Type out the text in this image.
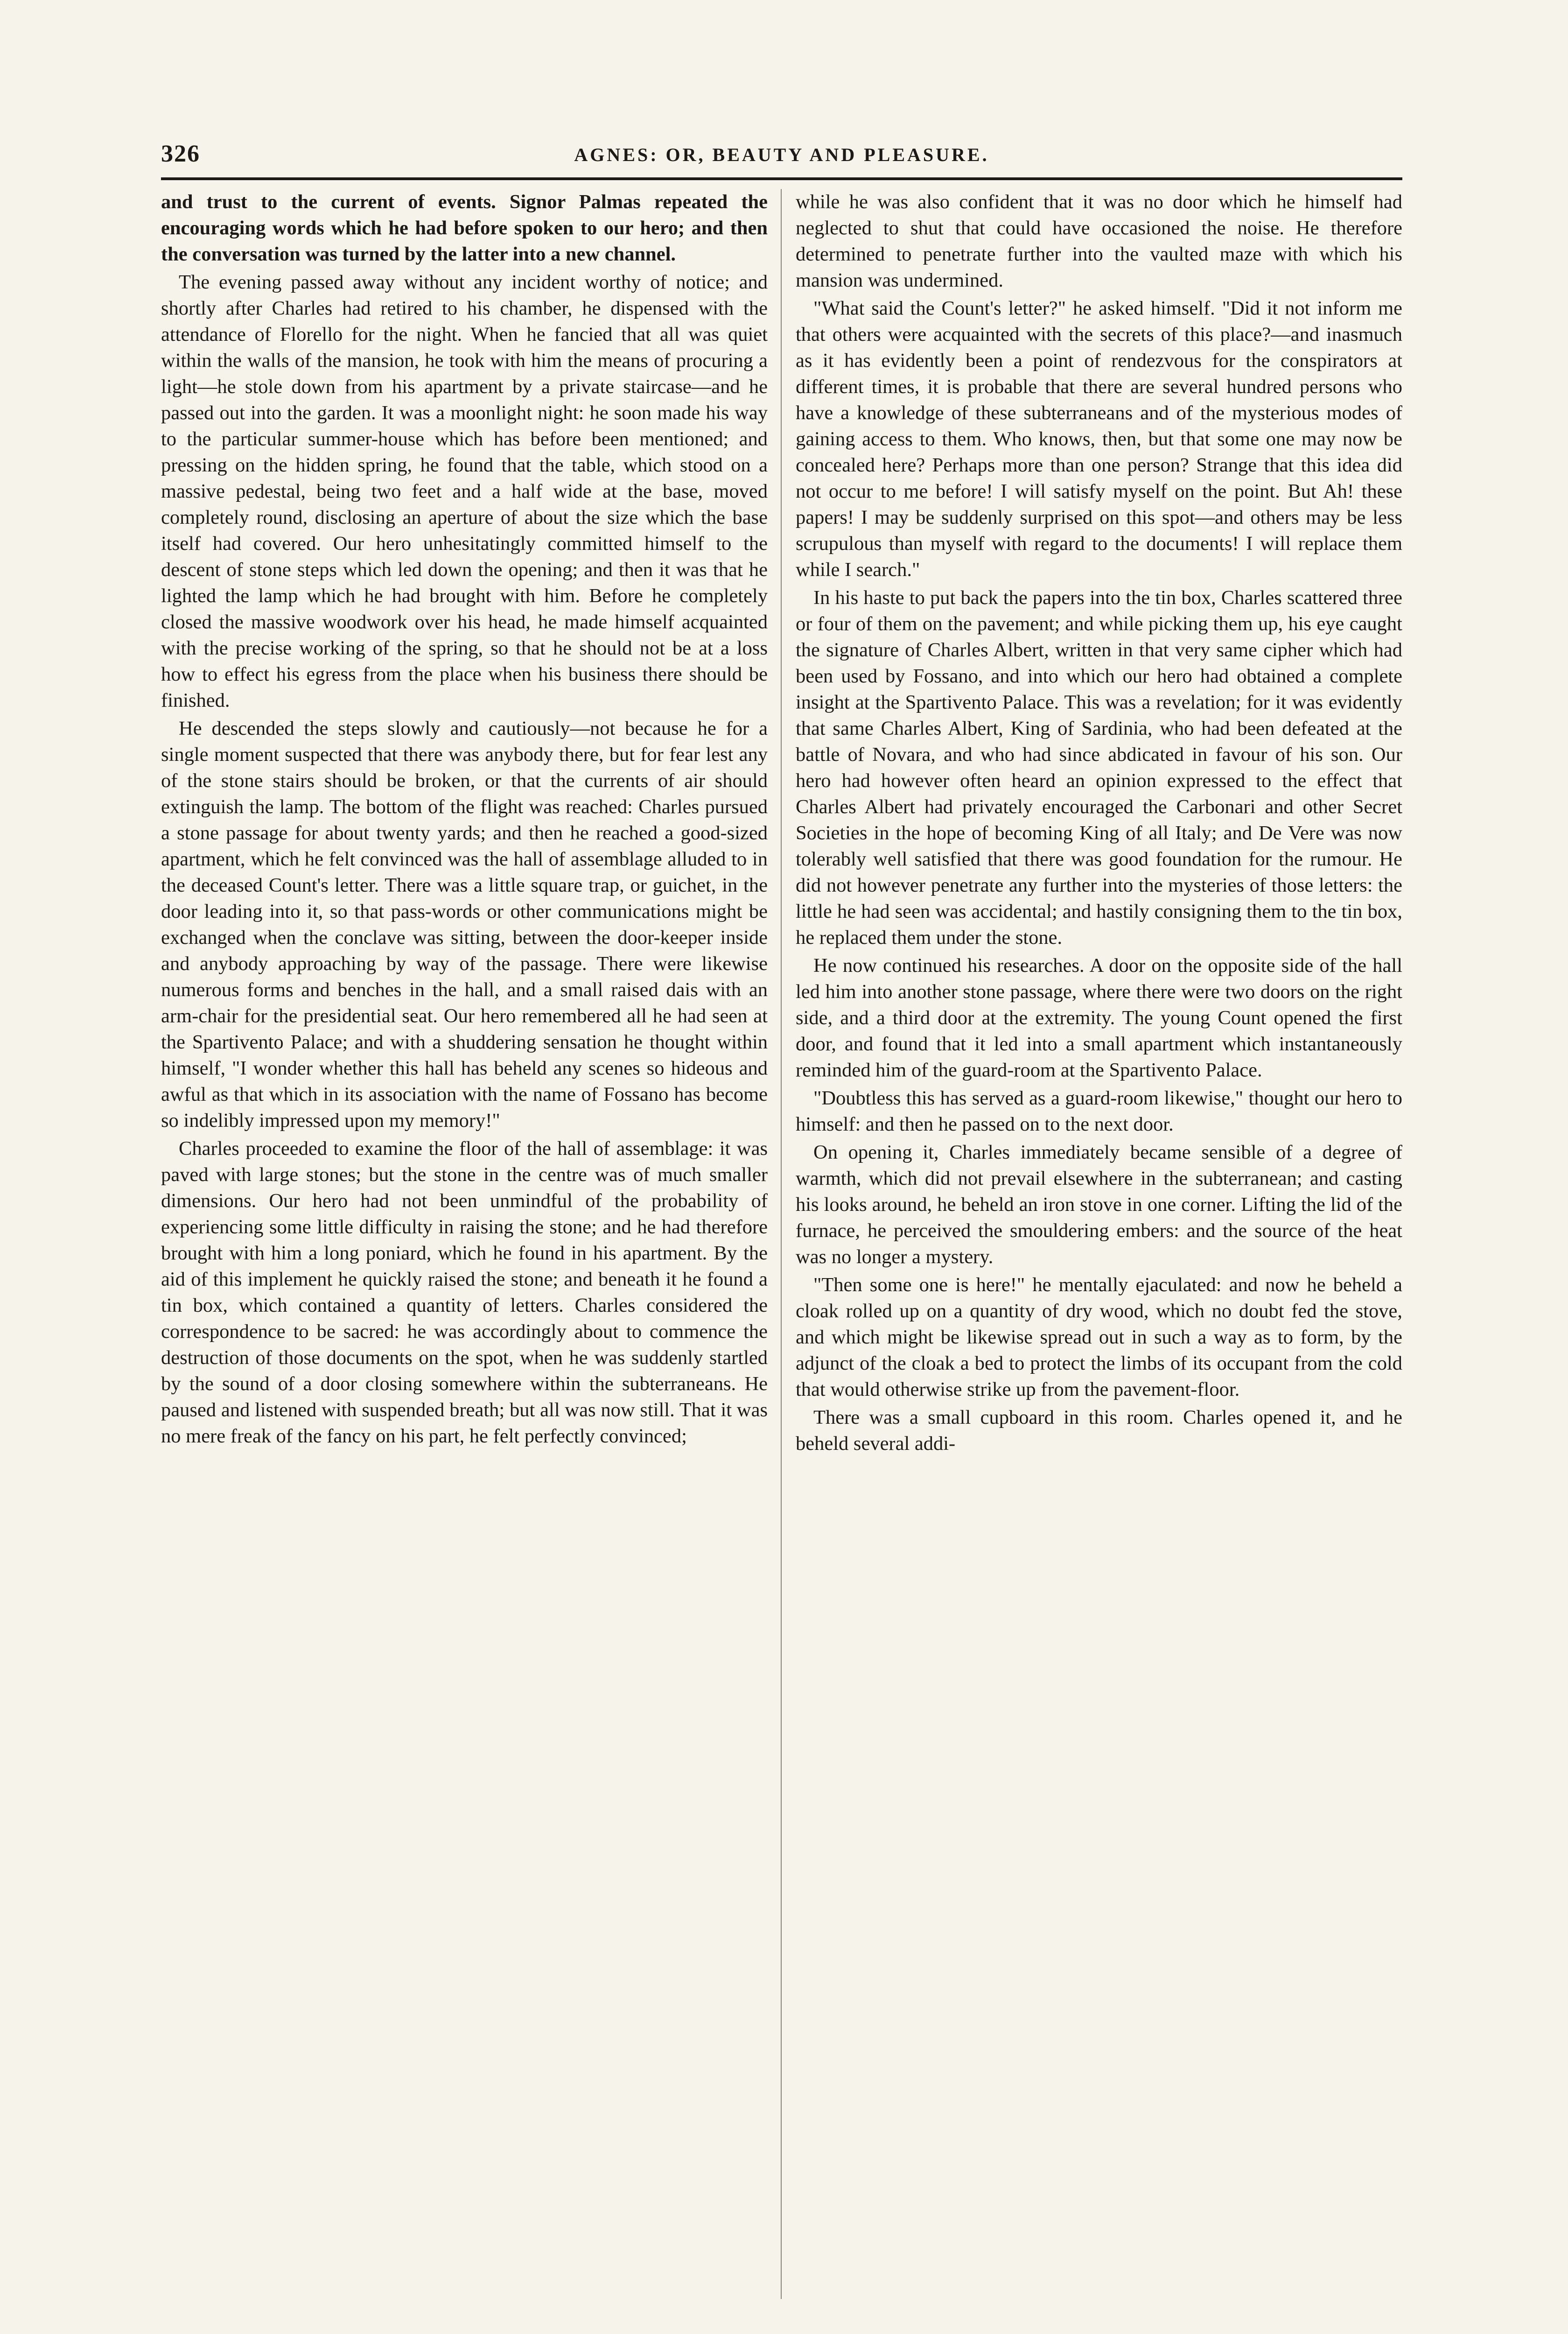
326	AGNES: OR, BEAUTY AND PLEASURE.

and trust to the current of events. Signor Palmas repeated the encouraging words which he had before spoken to our hero; and then the conversation was turned by the latter into a new channel.

The evening passed away without any incident worthy of notice; and shortly after Charles had retired to his chamber, he dispensed with the attendance of Florello for the night. When he fancied that all was quiet within the walls of the mansion, he took with him the means of procuring a light—he stole down from his apartment by a private staircase—and he passed out into the garden. It was a moonlight night: he soon made his way to the particular summer-house which has before been mentioned; and pressing on the hidden spring, he found that the table, which stood on a massive pedestal, being two feet and a half wide at the base, moved completely round, disclosing an aperture of about the size which the base itself had covered. Our hero unhesitatingly committed himself to the descent of stone steps which led down the opening; and then it was that he lighted the lamp which he had brought with him. Before he completely closed the massive woodwork over his head, he made himself acquainted with the precise working of the spring, so that he should not be at a loss how to effect his egress from the place when his business there should be finished.

He descended the steps slowly and cautiously—not because he for a single moment suspected that there was anybody there, but for fear lest any of the stone stairs should be broken, or that the currents of air should extinguish the lamp. The bottom of the flight was reached: Charles pursued a stone passage for about twenty yards; and then he reached a good-sized apartment, which he felt convinced was the hall of assemblage alluded to in the deceased Count's letter. There was a little square trap, or guichet, in the door leading into it, so that pass-words or other communications might be exchanged when the conclave was sitting, between the door-keeper inside and anybody approaching by way of the passage. There were likewise numerous forms and benches in the hall, and a small raised dais with an arm-chair for the presidential seat. Our hero remembered all he had seen at the Spartivento Palace; and with a shuddering sensation he thought within himself, "I wonder whether this hall has beheld any scenes so hideous and awful as that which in its association with the name of Fossano has become so indelibly impressed upon my memory!"

Charles proceeded to examine the floor of the hall of assemblage: it was paved with large stones; but the stone in the centre was of much smaller dimensions. Our hero had not been unmindful of the probability of experiencing some little difficulty in raising the stone; and he had therefore brought with him a long poniard, which he found in his apartment. By the aid of this implement he quickly raised the stone; and beneath it he found a tin box, which contained a quantity of letters. Charles considered the correspondence to be sacred: he was accordingly about to commence the destruction of those documents on the spot, when he was suddenly startled by the sound of a door closing somewhere within the subterraneans. He paused and listened with suspended breath; but all was now still. That it was no mere freak of the fancy on his part, he felt perfectly convinced;

while he was also confident that it was no door which he himself had neglected to shut that could have occasioned the noise. He therefore determined to penetrate further into the vaulted maze with which his mansion was undermined.

"What said the Count's letter?" he asked himself. "Did it not inform me that others were acquainted with the secrets of this place?—and inasmuch as it has evidently been a point of rendezvous for the conspirators at different times, it is probable that there are several hundred persons who have a knowledge of these subterraneans and of the mysterious modes of gaining access to them. Who knows, then, but that some one may now be concealed here? Perhaps more than one person? Strange that this idea did not occur to me before! I will satisfy myself on the point. But Ah! these papers! I may be suddenly surprised on this spot—and others may be less scrupulous than myself with regard to the documents! I will replace them while I search."

In his haste to put back the papers into the tin box, Charles scattered three or four of them on the pavement; and while picking them up, his eye caught the signature of Charles Albert, written in that very same cipher which had been used by Fossano, and into which our hero had obtained a complete insight at the Spartivento Palace. This was a revelation; for it was evidently that same Charles Albert, King of Sardinia, who had been defeated at the battle of Novara, and who had since abdicated in favour of his son. Our hero had however often heard an opinion expressed to the effect that Charles Albert had privately encouraged the Carbonari and other Secret Societies in the hope of becoming King of all Italy; and De Vere was now tolerably well satisfied that there was good foundation for the rumour. He did not however penetrate any further into the mysteries of those letters: the little he had seen was accidental; and hastily consigning them to the tin box, he replaced them under the stone.

He now continued his researches. A door on the opposite side of the hall led him into another stone passage, where there were two doors on the right side, and a third door at the extremity. The young Count opened the first door, and found that it led into a small apartment which instantaneously reminded him of the guard-room at the Spartivento Palace.

"Doubtless this has served as a guard-room likewise," thought our hero to himself: and then he passed on to the next door.

On opening it, Charles immediately became sensible of a degree of warmth, which did not prevail elsewhere in the subterranean; and casting his looks around, he beheld an iron stove in one corner. Lifting the lid of the furnace, he perceived the smouldering embers: and the source of the heat was no longer a mystery.

"Then some one is here!" he mentally ejaculated: and now he beheld a cloak rolled up on a quantity of dry wood, which no doubt fed the stove, and which might be likewise spread out in such a way as to form, by the adjunct of the cloak a bed to protect the limbs of its occupant from the cold that would otherwise strike up from the pavement-floor.

There was a small cupboard in this room. Charles opened it, and he beheld several addi-
